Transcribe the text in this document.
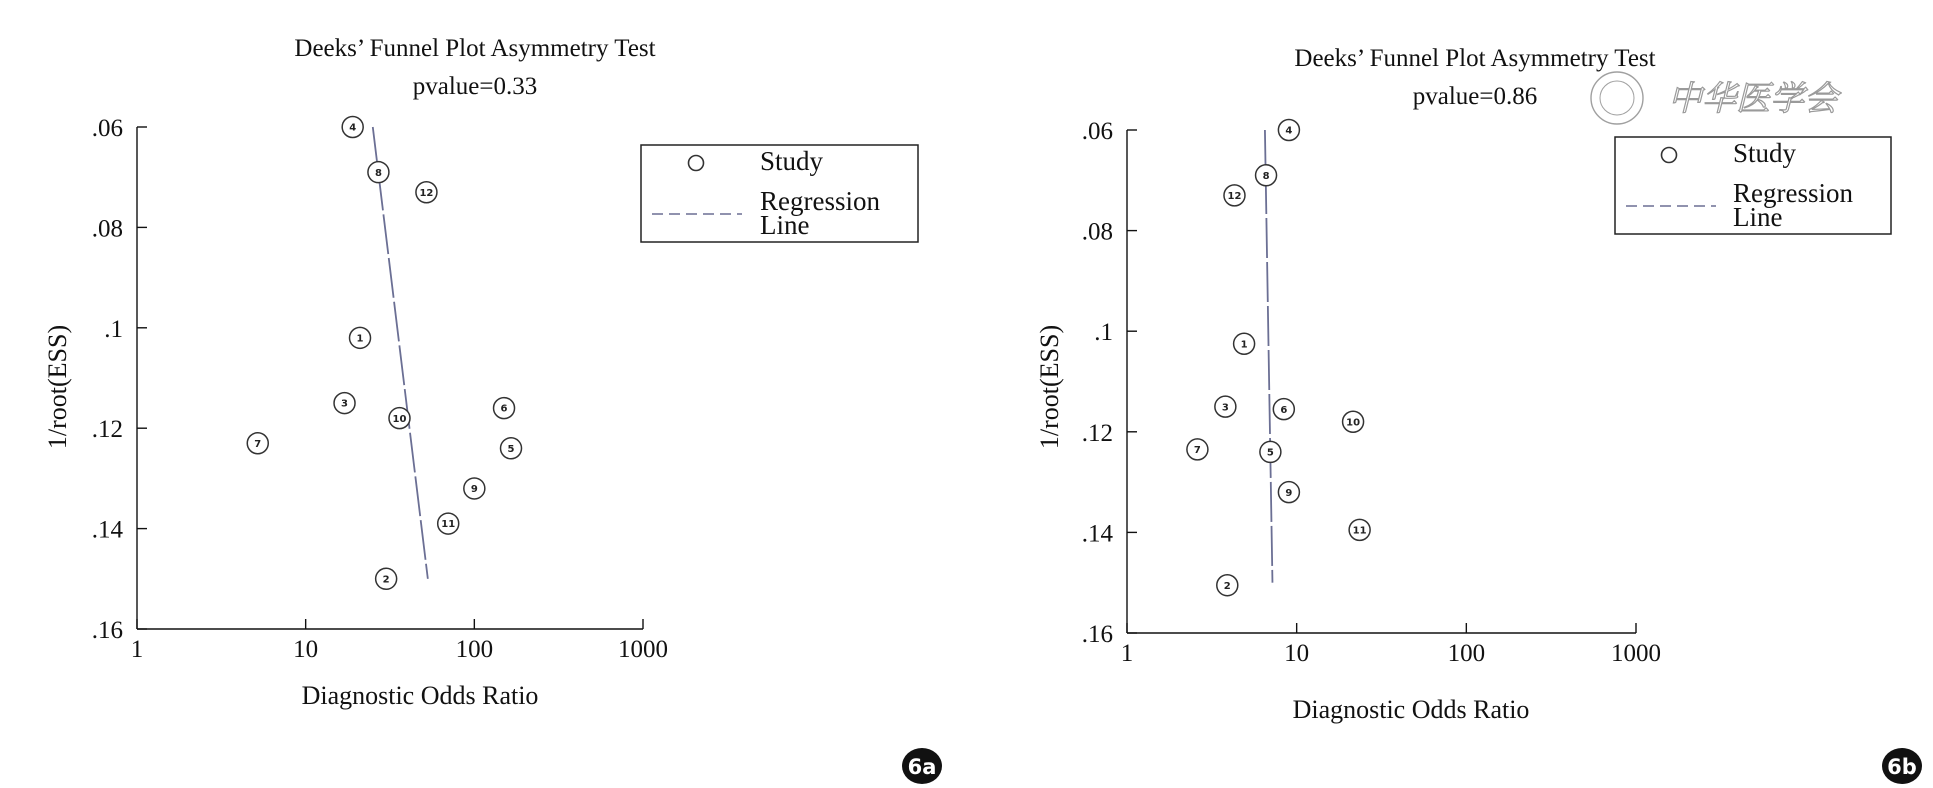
Deeks’ Funnel Plot Asymmetry Test
pvalue=0.33
1/root(ESS)
Diagnostic Odds Ratio
.06
.08
.1
.12
.14
.16
1	10	100	1000
1
2
3
4
5
6
7
8
9
10
11
12
Study
Regression Line
6a
Deeks’ Funnel Plot Asymmetry Test
pvalue=0.86
1/root(ESS)
Diagnostic Odds Ratio
.06
.08
.1
.12
.14
.16
1	10	100	1000
1
2
3
4
5
6
7
8
9
10
11
12
Study
Regression Line
6b
中华医学会
